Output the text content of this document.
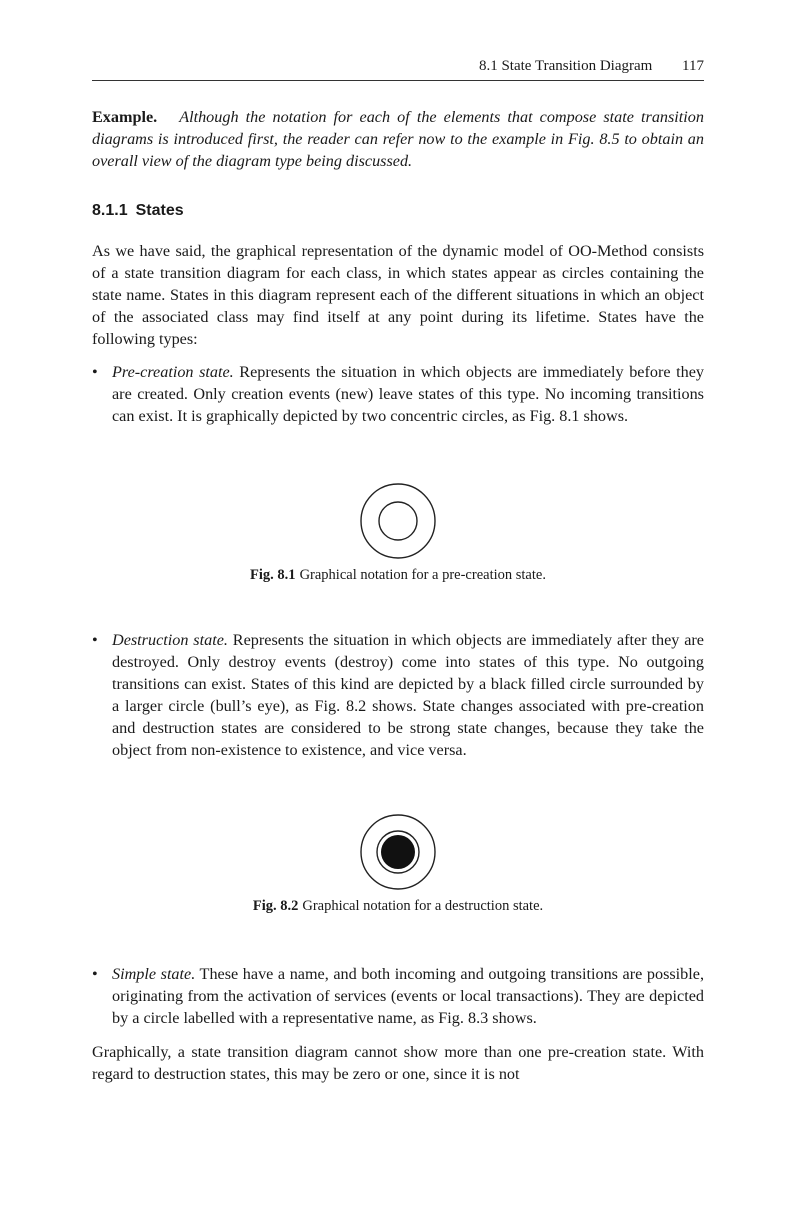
8.1 State Transition Diagram 117
Example. Although the notation for each of the elements that compose state transition diagrams is introduced first, the reader can refer now to the example in Fig. 8.5 to obtain an overall view of the diagram type being discussed.
8.1.1 States
As we have said, the graphical representation of the dynamic model of OO-Method consists of a state transition diagram for each class, in which states appear as circles containing the state name. States in this diagram represent each of the different situations in which an object of the associated class may find itself at any point during its lifetime. States have the following types:
• Pre-creation state. Represents the situation in which objects are immediately before they are created. Only creation events (new) leave states of this type. No incoming transitions can exist. It is graphically depicted by two concentric circles, as Fig. 8.1 shows.
Fig. 8.1 Graphical notation for a pre-creation state.
• Destruction state. Represents the situation in which objects are immediately after they are destroyed. Only destroy events (destroy) come into states of this type. No outgoing transitions can exist. States of this kind are depicted by a black filled circle surrounded by a larger circle (bull’s eye), as Fig. 8.2 shows. State changes associated with pre-creation and destruction states are considered to be strong state changes, because they take the object from non-existence to existence, and vice versa.
Fig. 8.2 Graphical notation for a destruction state.
• Simple state. These have a name, and both incoming and outgoing transitions are possible, originating from the activation of services (events or local transactions). They are depicted by a circle labelled with a representative name, as Fig. 8.3 shows.
Graphically, a state transition diagram cannot show more than one pre-creation state. With regard to destruction states, this may be zero or one, since it is not
